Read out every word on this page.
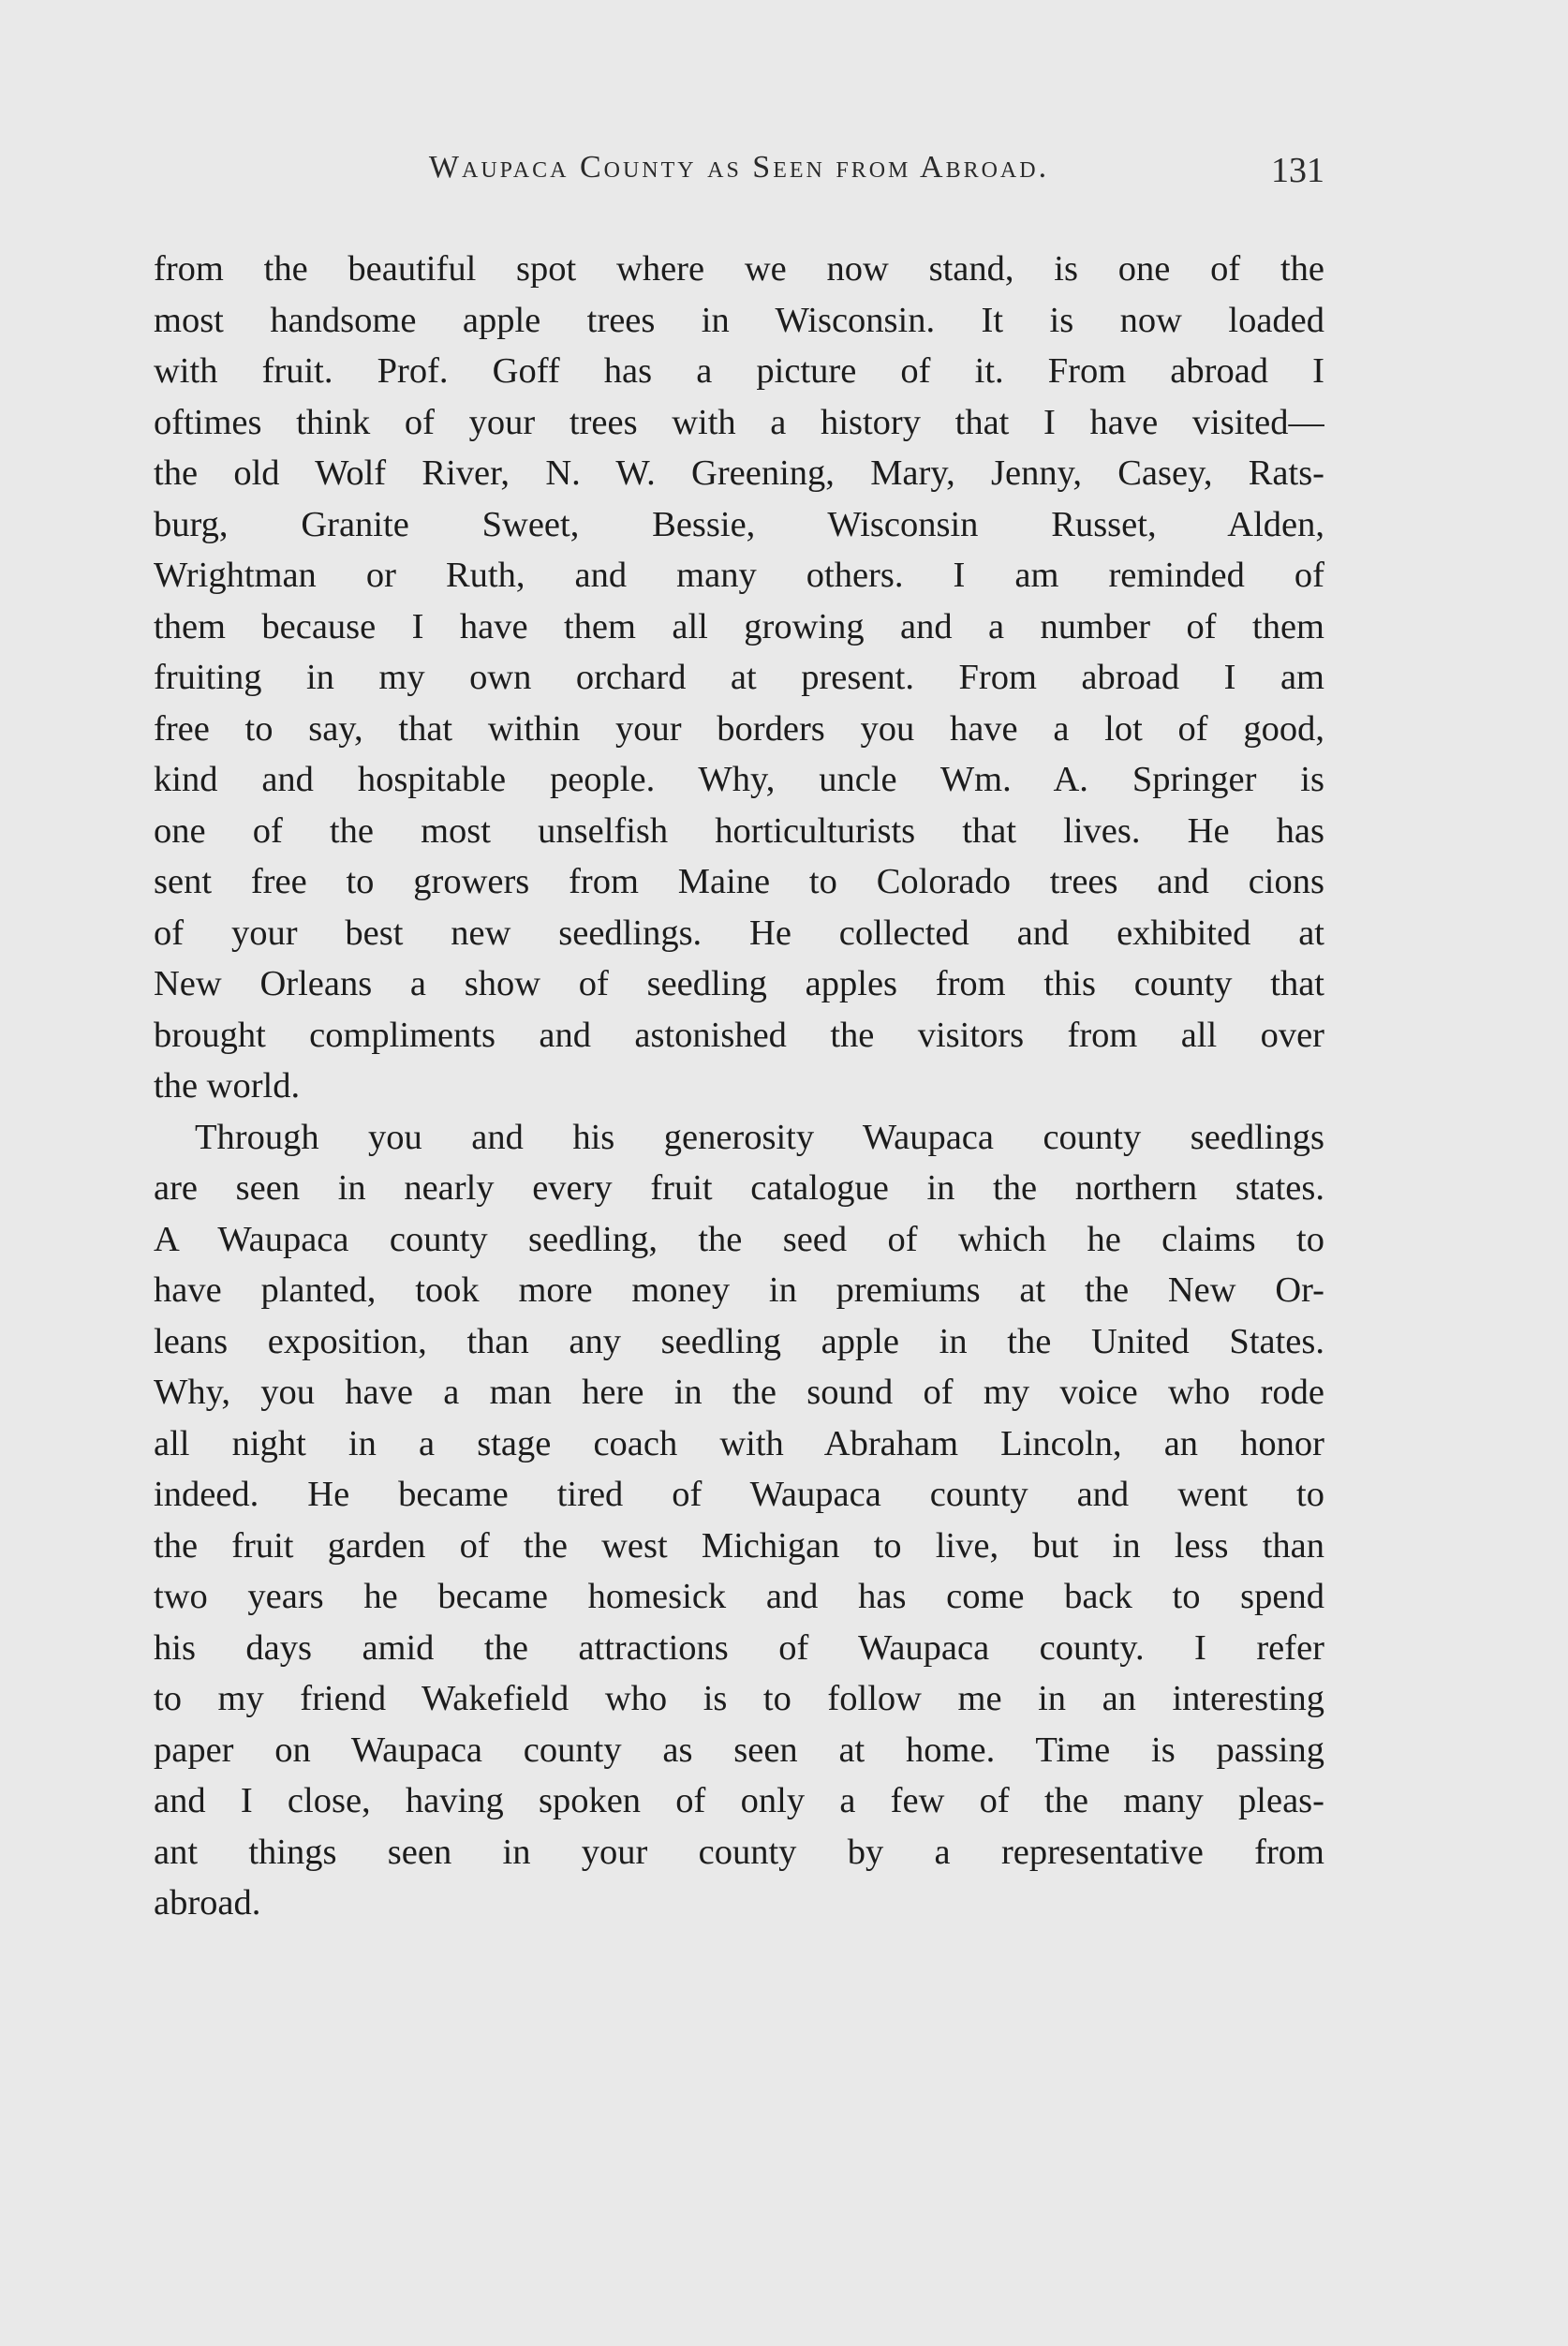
Waupaca County as Seen from Abroad.	131
from the beautiful spot where we now stand, is one of the
most handsome apple trees in Wisconsin. It is now loaded
with fruit. Prof. Goff has a picture of it. From abroad I
oftimes think of your trees with a history that I have visited—
the old Wolf River, N. W. Greening, Mary, Jenny, Casey, Rats-
burg, Granite Sweet, Bessie, Wisconsin Russet, Alden,
Wrightman or Ruth, and many others. I am reminded of
them because I have them all growing and a number of them
fruiting in my own orchard at present. From abroad I am
free to say, that within your borders you have a lot of good,
kind and hospitable people. Why, uncle Wm. A. Springer is
one of the most unselfish horticulturists that lives. He has
sent free to growers from Maine to Colorado trees and cions
of your best new seedlings. He collected and exhibited at
New Orleans a show of seedling apples from this county that
brought compliments and astonished the visitors from all over
the world.
Through you and his generosity Waupaca county seedlings
are seen in nearly every fruit catalogue in the northern states.
A Waupaca county seedling, the seed of which he claims to
have planted, took more money in premiums at the New Or-
leans exposition, than any seedling apple in the United States.
Why, you have a man here in the sound of my voice who rode
all night in a stage coach with Abraham Lincoln, an honor
indeed. He became tired of Waupaca county and went to
the fruit garden of the west Michigan to live, but in less than
two years he became homesick and has come back to spend
his days amid the attractions of Waupaca county. I refer
to my friend Wakefield who is to follow me in an interesting
paper on Waupaca county as seen at home. Time is passing
and I close, having spoken of only a few of the many pleas-
ant things seen in your county by a representative from
abroad.
